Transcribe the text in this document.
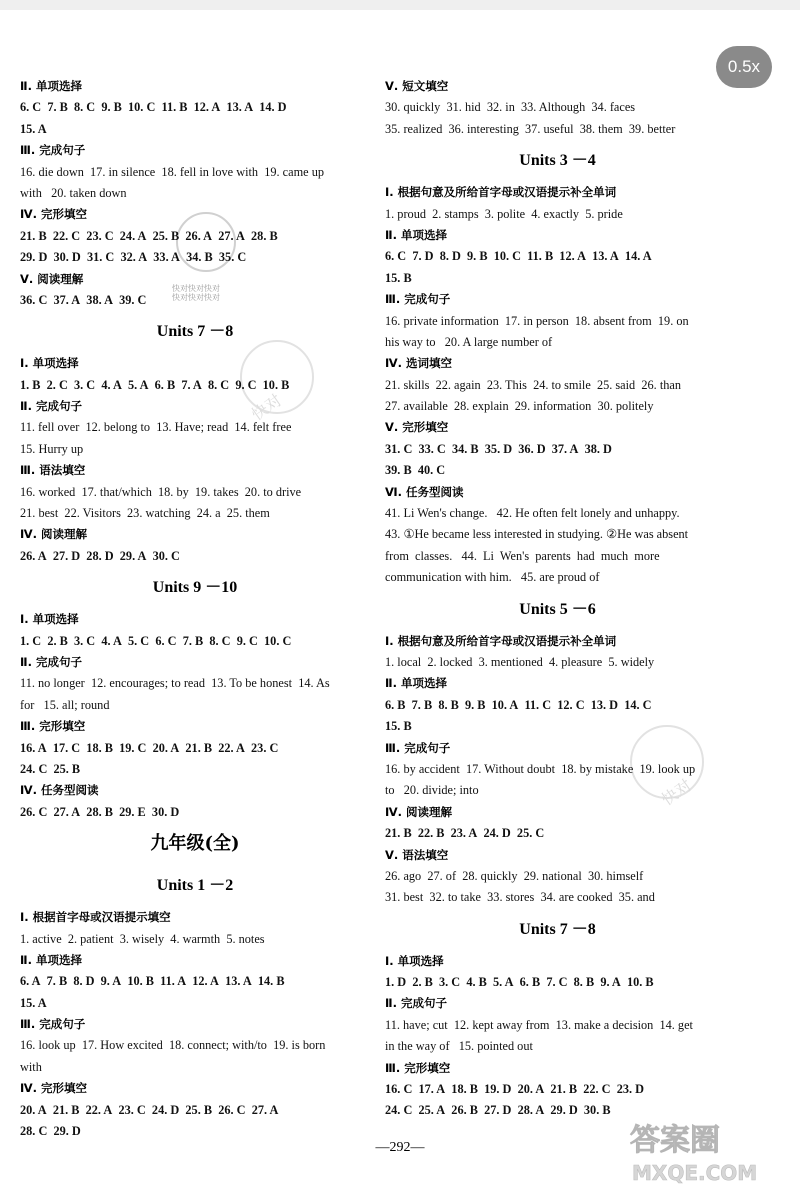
0.5x
快对
快对
快对快对快对
快对快对快对
Ⅱ. 单项选择
6. C 7. B 8. C 9. B 10. C 11. B 12. A 13. A 14. D
15. A
Ⅲ. 完成句子
16. die down 17. in silence 18. fell in love with 19. came up
with   20. taken down
Ⅳ. 完形填空
21. B 22. C 23. C 24. A 25. B 26. A 27. A 28. B
29. D 30. D 31. C 32. A 33. A 34. B 35. C
Ⅴ. 阅读理解
36. C 37. A 38. A 39. C
Units 7 －8
Ⅰ. 单项选择
1. B 2. C 3. C 4. A 5. A 6. B 7. A 8. C 9. C 10. B
Ⅱ. 完成句子
11. fell over 12. belong to 13. Have; read 14. felt free
15. Hurry up
Ⅲ. 语法填空
16. worked 17. that/which 18. by 19. takes 20. to drive
21. best 22. Visitors 23. watching 24. a 25. them
Ⅳ. 阅读理解
26. A 27. D 28. D 29. A 30. C
Units 9 －10
Ⅰ. 单项选择
1. C 2. B 3. C 4. A 5. C 6. C 7. B 8. C 9. C 10. C
Ⅱ. 完成句子
11. no longer 12. encourages; to read 13. To be honest 14. As
for   15. all; round
Ⅲ. 完形填空
16. A 17. C 18. B 19. C 20. A 21. B 22. A 23. C
24. C 25. B
Ⅳ. 任务型阅读
26. C 27. A 28. B 29. E 30. D
九年级(全)
Units 1 －2
Ⅰ. 根据首字母或汉语提示填空
1. active 2. patient 3. wisely 4. warmth 5. notes
Ⅱ. 单项选择
6. A 7. B 8. D 9. A 10. B 11. A 12. A 13. A 14. B
15. A
Ⅲ. 完成句子
16. look up 17. How excited 18. connect; with/to 19. is born
with
Ⅳ. 完形填空
20. A 21. B 22. A 23. C 24. D 25. B 26. C 27. A
28. C 29. D
Ⅴ. 短文填空
30. quickly 31. hid 32. in 33. Although 34. faces
35. realized 36. interesting 37. useful 38. them 39. better
Units 3 －4
Ⅰ. 根据句意及所给首字母或汉语提示补全单词
1. proud 2. stamps 3. polite 4. exactly 5. pride
Ⅱ. 单项选择
6. C 7. D 8. D 9. B 10. C 11. B 12. A 13. A 14. A
15. B
Ⅲ. 完成句子
16. private information 17. in person 18. absent from 19. on
his way to   20. A large number of
Ⅳ. 选词填空
21. skills 22. again 23. This 24. to smile 25. said 26. than
27. available 28. explain 29. information 30. politely
Ⅴ. 完形填空
31. C 33. C 34. B 35. D 36. D 37. A 38. D
39. B 40. C
Ⅵ. 任务型阅读
41. Li Wen's change. 42. He often felt lonely and unhappy.
43. ①He became less interested in studying. ②He was absent
from  classes. 44.  Li  Wen's  parents  had  much  more
communication with him.   45. are proud of
Units 5 －6
Ⅰ. 根据句意及所给首字母或汉语提示补全单词
1. local 2. locked 3. mentioned 4. pleasure 5. widely
Ⅱ. 单项选择
6. B 7. B 8. B 9. B 10. A 11. C 12. C 13. D 14. C
15. B
Ⅲ. 完成句子
16. by accident 17. Without doubt 18. by mistake 19. look up
to   20. divide; into
Ⅳ. 阅读理解
21. B 22. B 23. A 24. D 25. C
Ⅴ. 语法填空
26. ago 27. of 28. quickly 29. national 30. himself
31. best 32. to take 33. stores 34. are cooked 35. and
Units 7 －8
Ⅰ. 单项选择
1. D 2. B 3. C 4. B 5. A 6. B 7. C 8. B 9. A 10. B
Ⅱ. 完成句子
11. have; cut 12. kept away from 13. make a decision 14. get
in the way of   15. pointed out
Ⅲ. 完形填空
16. C 17. A 18. B 19. D 20. A 21. B 22. C 23. D
24. C 25. A 26. B 27. D 28. A 29. D 30. B
—292—	答案圈
MXQE.COM
